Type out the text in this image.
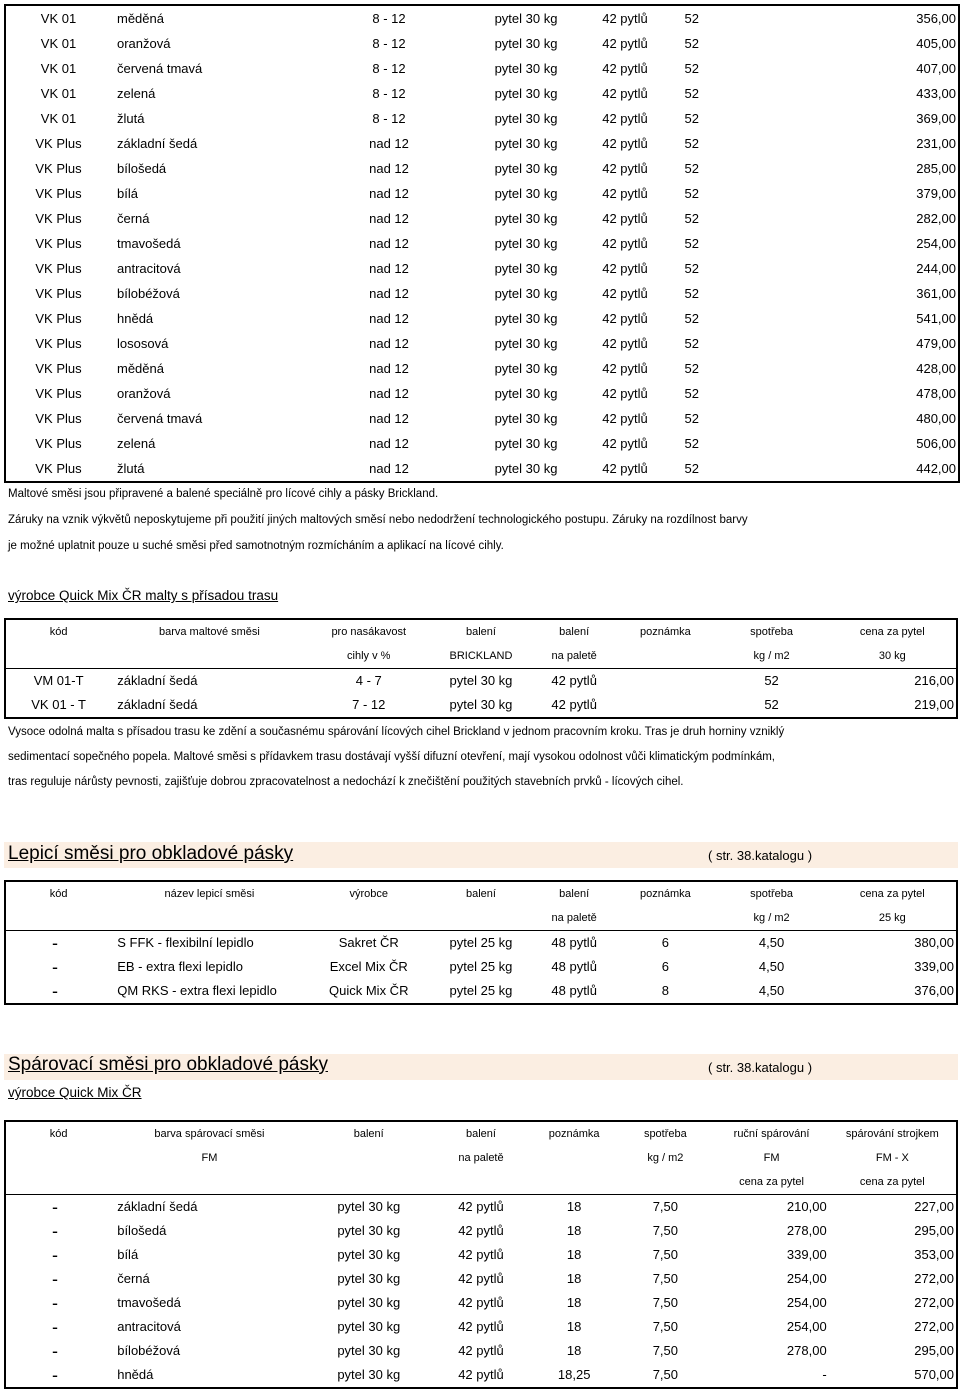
VK 01	měděná	8 - 12	pytel 30 kg	42 pytlů	52	356,00
VK 01	oranžová	8 - 12	pytel 30 kg	42 pytlů	52	405,00
VK 01	červená tmavá	8 - 12	pytel 30 kg	42 pytlů	52	407,00
VK 01	zelená	8 - 12	pytel 30 kg	42 pytlů	52	433,00
VK 01	žlutá	8 - 12	pytel 30 kg	42 pytlů	52	369,00
VK Plus	základní šedá	nad 12	pytel 30 kg	42 pytlů	52	231,00
VK Plus	bílošedá	nad 12	pytel 30 kg	42 pytlů	52	285,00
VK Plus	bílá	nad 12	pytel 30 kg	42 pytlů	52	379,00
VK Plus	černá	nad 12	pytel 30 kg	42 pytlů	52	282,00
VK Plus	tmavošedá	nad 12	pytel 30 kg	42 pytlů	52	254,00
VK Plus	antracitová	nad 12	pytel 30 kg	42 pytlů	52	244,00
VK Plus	bílobéžová	nad 12	pytel 30 kg	42 pytlů	52	361,00
VK Plus	hnědá	nad 12	pytel 30 kg	42 pytlů	52	541,00
VK Plus	lososová	nad 12	pytel 30 kg	42 pytlů	52	479,00
VK Plus	měděná	nad 12	pytel 30 kg	42 pytlů	52	428,00
VK Plus	oranžová	nad 12	pytel 30 kg	42 pytlů	52	478,00
VK Plus	červená tmavá	nad 12	pytel 30 kg	42 pytlů	52	480,00
VK Plus	zelená	nad 12	pytel 30 kg	42 pytlů	52	506,00
VK Plus	žlutá	nad 12	pytel 30 kg	42 pytlů	52	442,00
Maltové směsi jsou připravené a balené speciálně pro lícové cihly a pásky Brickland.
Záruky na vznik výkvětů neposkytujeme při použití jiných maltových směsí nebo nedodržení technologického postupu. Záruky na rozdílnost barvy
je možné uplatnit pouze u suché směsi před samotnotným rozmícháním a aplikací na lícové cihly.
výrobce Quick Mix ČR malty s přísadou trasu
kód	barva maltové směsi	pro nasákavost	balení	balení	poznámka	spotřeba	cena za pytel
		cihly v %	BRICKLAND	na paletě		kg / m2	30 kg
VM 01-T	základní šedá	4 - 7	pytel 30 kg	42 pytlů		52	216,00
VK 01 - T	základní šedá	7 - 12	pytel 30 kg	42 pytlů		52	219,00
Vysoce odolná malta s přísadou trasu ke zdění a současnému spárování lícových cihel Brickland v jednom pracovním kroku. Tras je druh horniny vzniklý
sedimentací sopečného popela. Maltové směsi s přídavkem trasu dostávají vyšší difuzní otevření, mají vysokou odolnost vůči klimatickým podmínkám,
tras reguluje nárůsty pevnosti, zajišťuje dobrou zpracovatelnost a nedochází k znečištění použitých stavebních prvků - lícových cihel.
Lepicí směsi pro obkladové pásky	( str. 38.katalogu )
kód	název lepicí směsi	výrobce	balení	balení	poznámka	spotřeba	cena za pytel
				na paletě		kg / m2	25 kg
-	S FFK - flexibilní lepidlo	Sakret ČR	pytel 25 kg	48 pytlů	6	4,50	380,00
-	EB - extra flexi lepidlo	Excel Mix ČR	pytel 25 kg	48 pytlů	6	4,50	339,00
-	QM RKS - extra flexi lepidlo	Quick Mix ČR	pytel 25 kg	48 pytlů	8	4,50	376,00
Spárovací směsi pro obkladové pásky	( str. 38.katalogu )
výrobce Quick Mix ČR
kód	barva spárovací směsi	balení	balení	poznámka	spotřeba	ruční spárování	spárování strojkem
	FM		na paletě		kg / m2	FM	FM - X
						cena za pytel	cena za pytel
-	základní šedá	pytel 30 kg	42 pytlů	18	7,50	210,00	227,00
-	bílošedá	pytel 30 kg	42 pytlů	18	7,50	278,00	295,00
-	bílá	pytel 30 kg	42 pytlů	18	7,50	339,00	353,00
-	černá	pytel 30 kg	42 pytlů	18	7,50	254,00	272,00
-	tmavošedá	pytel 30 kg	42 pytlů	18	7,50	254,00	272,00
-	antracitová	pytel 30 kg	42 pytlů	18	7,50	254,00	272,00
-	bílobéžová	pytel 30 kg	42 pytlů	18	7,50	278,00	295,00
-	hnědá	pytel 30 kg	42 pytlů	18,25	7,50	-	570,00
